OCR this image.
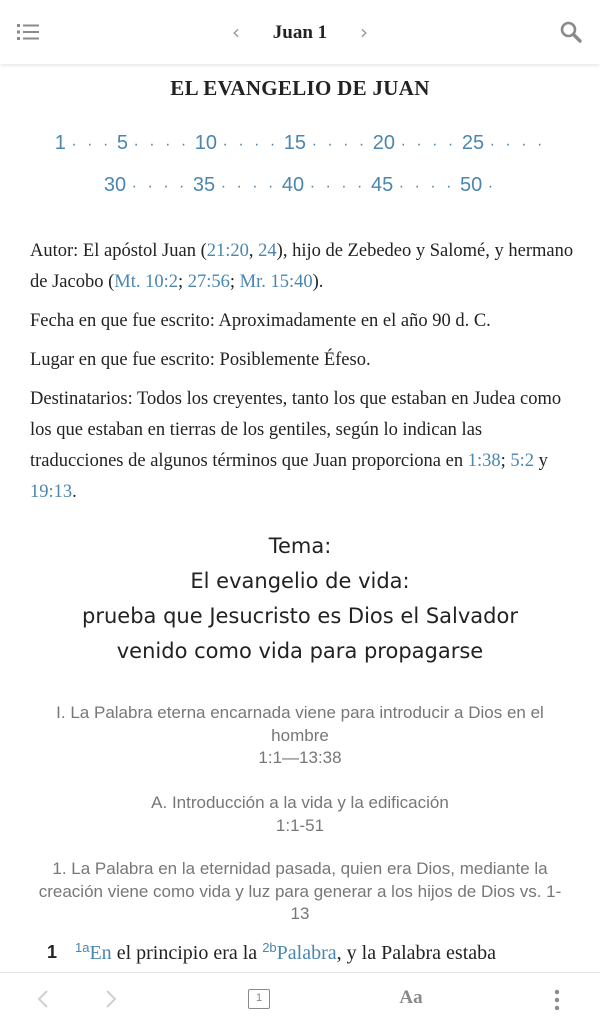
‹	Juan 1	›
EL EVANGELIO DE JUAN
1 · · · 5 · · · · 10 · · · · 15 · · · · 20 · · · · 25 · · · ·
30 · · · · 35 · · · · 40 · · · · 45 · · · · 50 ·
Autor: El apóstol Juan (21:20, 24), hijo de Zebedeo y Salomé, y hermano de Jacobo (Mt. 10:2; 27:56; Mr. 15:40).
Fecha en que fue escrito: Aproximadamente en el año 90 d. C.
Lugar en que fue escrito: Posiblemente Éfeso.
Destinatarios: Todos los creyentes, tanto los que estaban en Judea como los que estaban en tierras de los gentiles, según lo indican las traducciones de algunos términos que Juan proporciona en 1:38; 5:2 y 19:13.
Tema:
El evangelio de vida:
prueba que Jesucristo es Dios el Salvador
venido como vida para propagarse
I. La Palabra eterna encarnada viene para introducir a Dios en el hombre
1:1—13:38
A. Introducción a la vida y la edificación
1:1-51
1. La Palabra en la eternidad pasada, quien era Dios, mediante la creación viene como vida y luz para generar a los hijos de Dios vs. 1-13
1 $^{1a}$En el principio era la $^{2b}$Palabra, y la Palabra estaba
1	Aa
